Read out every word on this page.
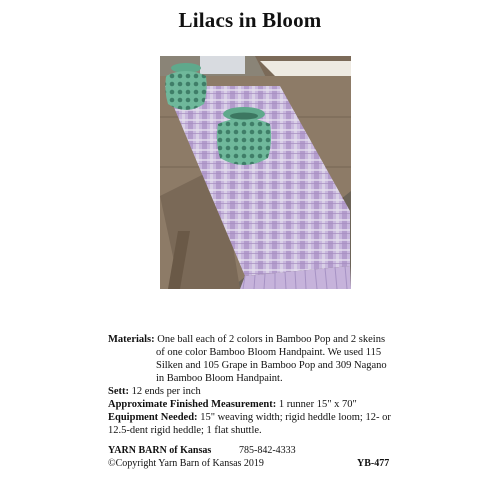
Lilacs in Bloom
Materials: One ball each of 2 colors in Bamboo Pop and 2 skeins
of one color Bamboo Bloom Handpaint. We used 115
Silken and 105 Grape in Bamboo Pop and 309 Nagano
in Bamboo Bloom Handpaint.
Sett: 12 ends per inch
Approximate Finished Measurement: 1 runner 15" x 70"
Equipment Needed: 15" weaving width; rigid heddle loom; 12- or
12.5-dent rigid heddle; 1 flat shuttle.
YARN BARN of Kansas	785-842-4333
©Copyright Yarn Barn of Kansas 2019	YB-477
